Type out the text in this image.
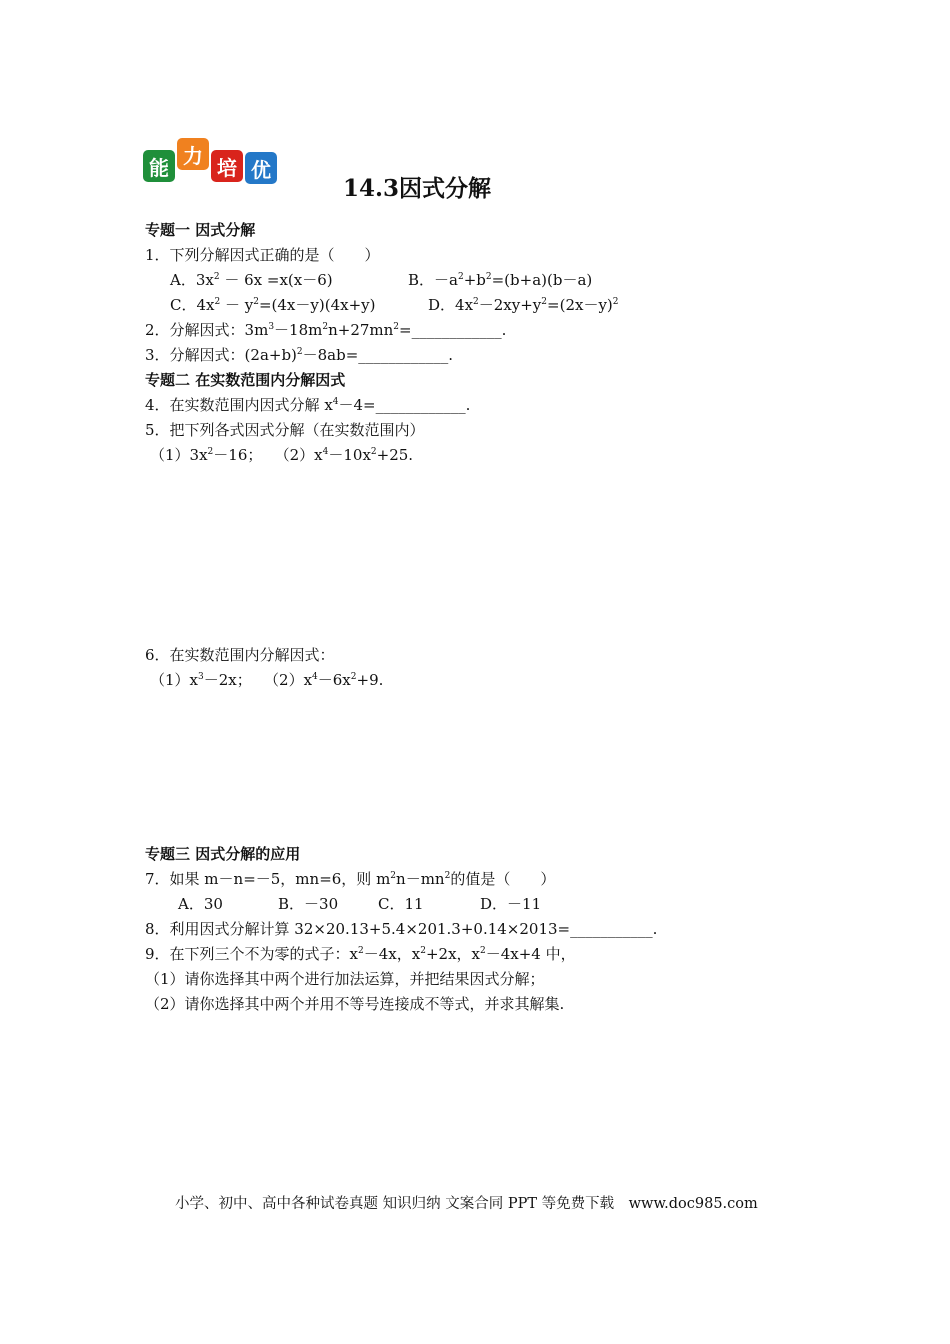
能 力 培 优
14.3因式分解
专题一 因式分解
1．下列分解因式正确的是（　　）
A．$3x^2 - 6x =x(x-6)$	B．$-a^2+b^2=(b+a)(b-a)$
C．$4x^2 - y^2=(4x-y)(4x+y)$	D．$4x^2-2xy+y^2=(2x-y)^2$
2．分解因式：$3m^3-18m^2n+27mn^2=\_\_\_\_\_\_\_\_\_\_\_\_$.
3．分解因式：$(2a+b)^2-8ab=\_\_\_\_\_\_\_\_\_\_\_\_$.
专题二 在实数范围内分解因式
4．在实数范围内因式分解 $x^4-4=\_\_\_\_\_\_\_\_\_\_\_\_$.
5．把下列各式因式分解（在实数范围内）
$(1)3x^2-16$；　 $(2)x^4-10x^2+25$.
6．在实数范围内分解因式：
$(1)x^3-2x$；　 $(2)x^4-6x^2+9$.
专题三 因式分解的应用
7．如果 m－n=－5，mn=6，则 $m^2n-mn^2$的值是（　　）
A．30	B．－30	C．11	D．－11
8．利用因式分解计算 32×20.13+5.4×201.3+0.14×2013=___________.
9．在下列三个不为零的式子：$x^2-4x$，$x^2+2x$，$x^2-4x+4$ 中，
（1）请你选择其中两个进行加法运算，并把结果因式分解；
（2）请你选择其中两个并用不等号连接成不等式，并求其解集.
小学、初中、高中各种试卷真题 知识归纳 文案合同 PPT 等免费下载　www.doc985.com
